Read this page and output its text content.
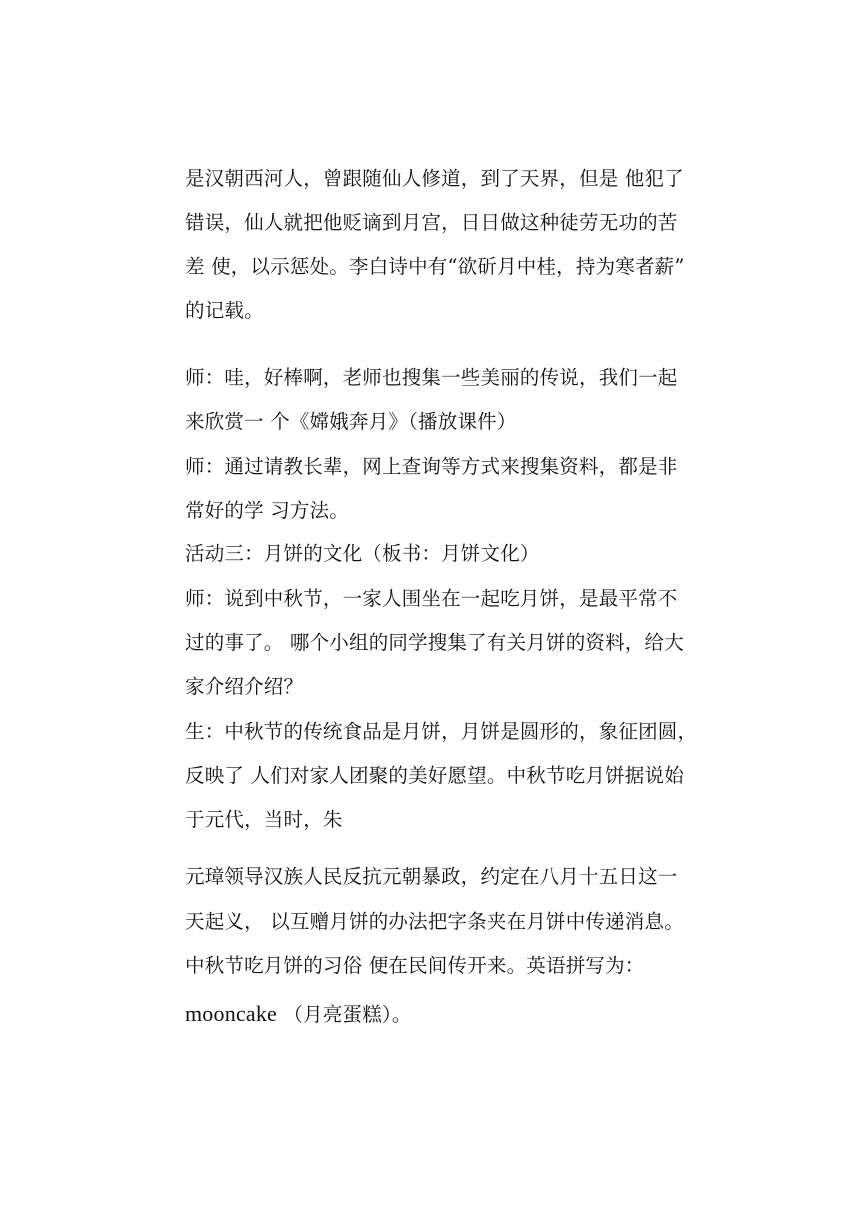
是汉朝西河人，曾跟随仙人修道，到了天界，但是 他犯了
错误，仙人就把他贬谪到月宫，日日做这种徒劳无功的苦
差 使，以示惩处。李白诗中有“欲斫月中桂，持为寒者薪”
的记载。
师：哇，好棒啊，老师也搜集一些美丽的传说，我们一起
来欣赏一 个《嫦娥奔月》（播放课件）
师：通过请教长辈，网上查询等方式来搜集资料，都是非
常好的学 习方法。
活动三：月饼的文化（板书：月饼文化）
师：说到中秋节，一家人围坐在一起吃月饼，是最平常不
过的事了。 哪个小组的同学搜集了有关月饼的资料，给大
家介绍介绍？
生：中秋节的传统食品是月饼，月饼是圆形的，象征团圆，
反映了 人们对家人团聚的美好愿望。中秋节吃月饼据说始
于元代，当时，朱
元璋领导汉族人民反抗元朝暴政，约定在八月十五日这一
天起义， 以互赠月饼的办法把字条夹在月饼中传递消息。
中秋节吃月饼的习俗 便在民间传开来。英语拼写为：
mooncake （月亮蛋糕）。
